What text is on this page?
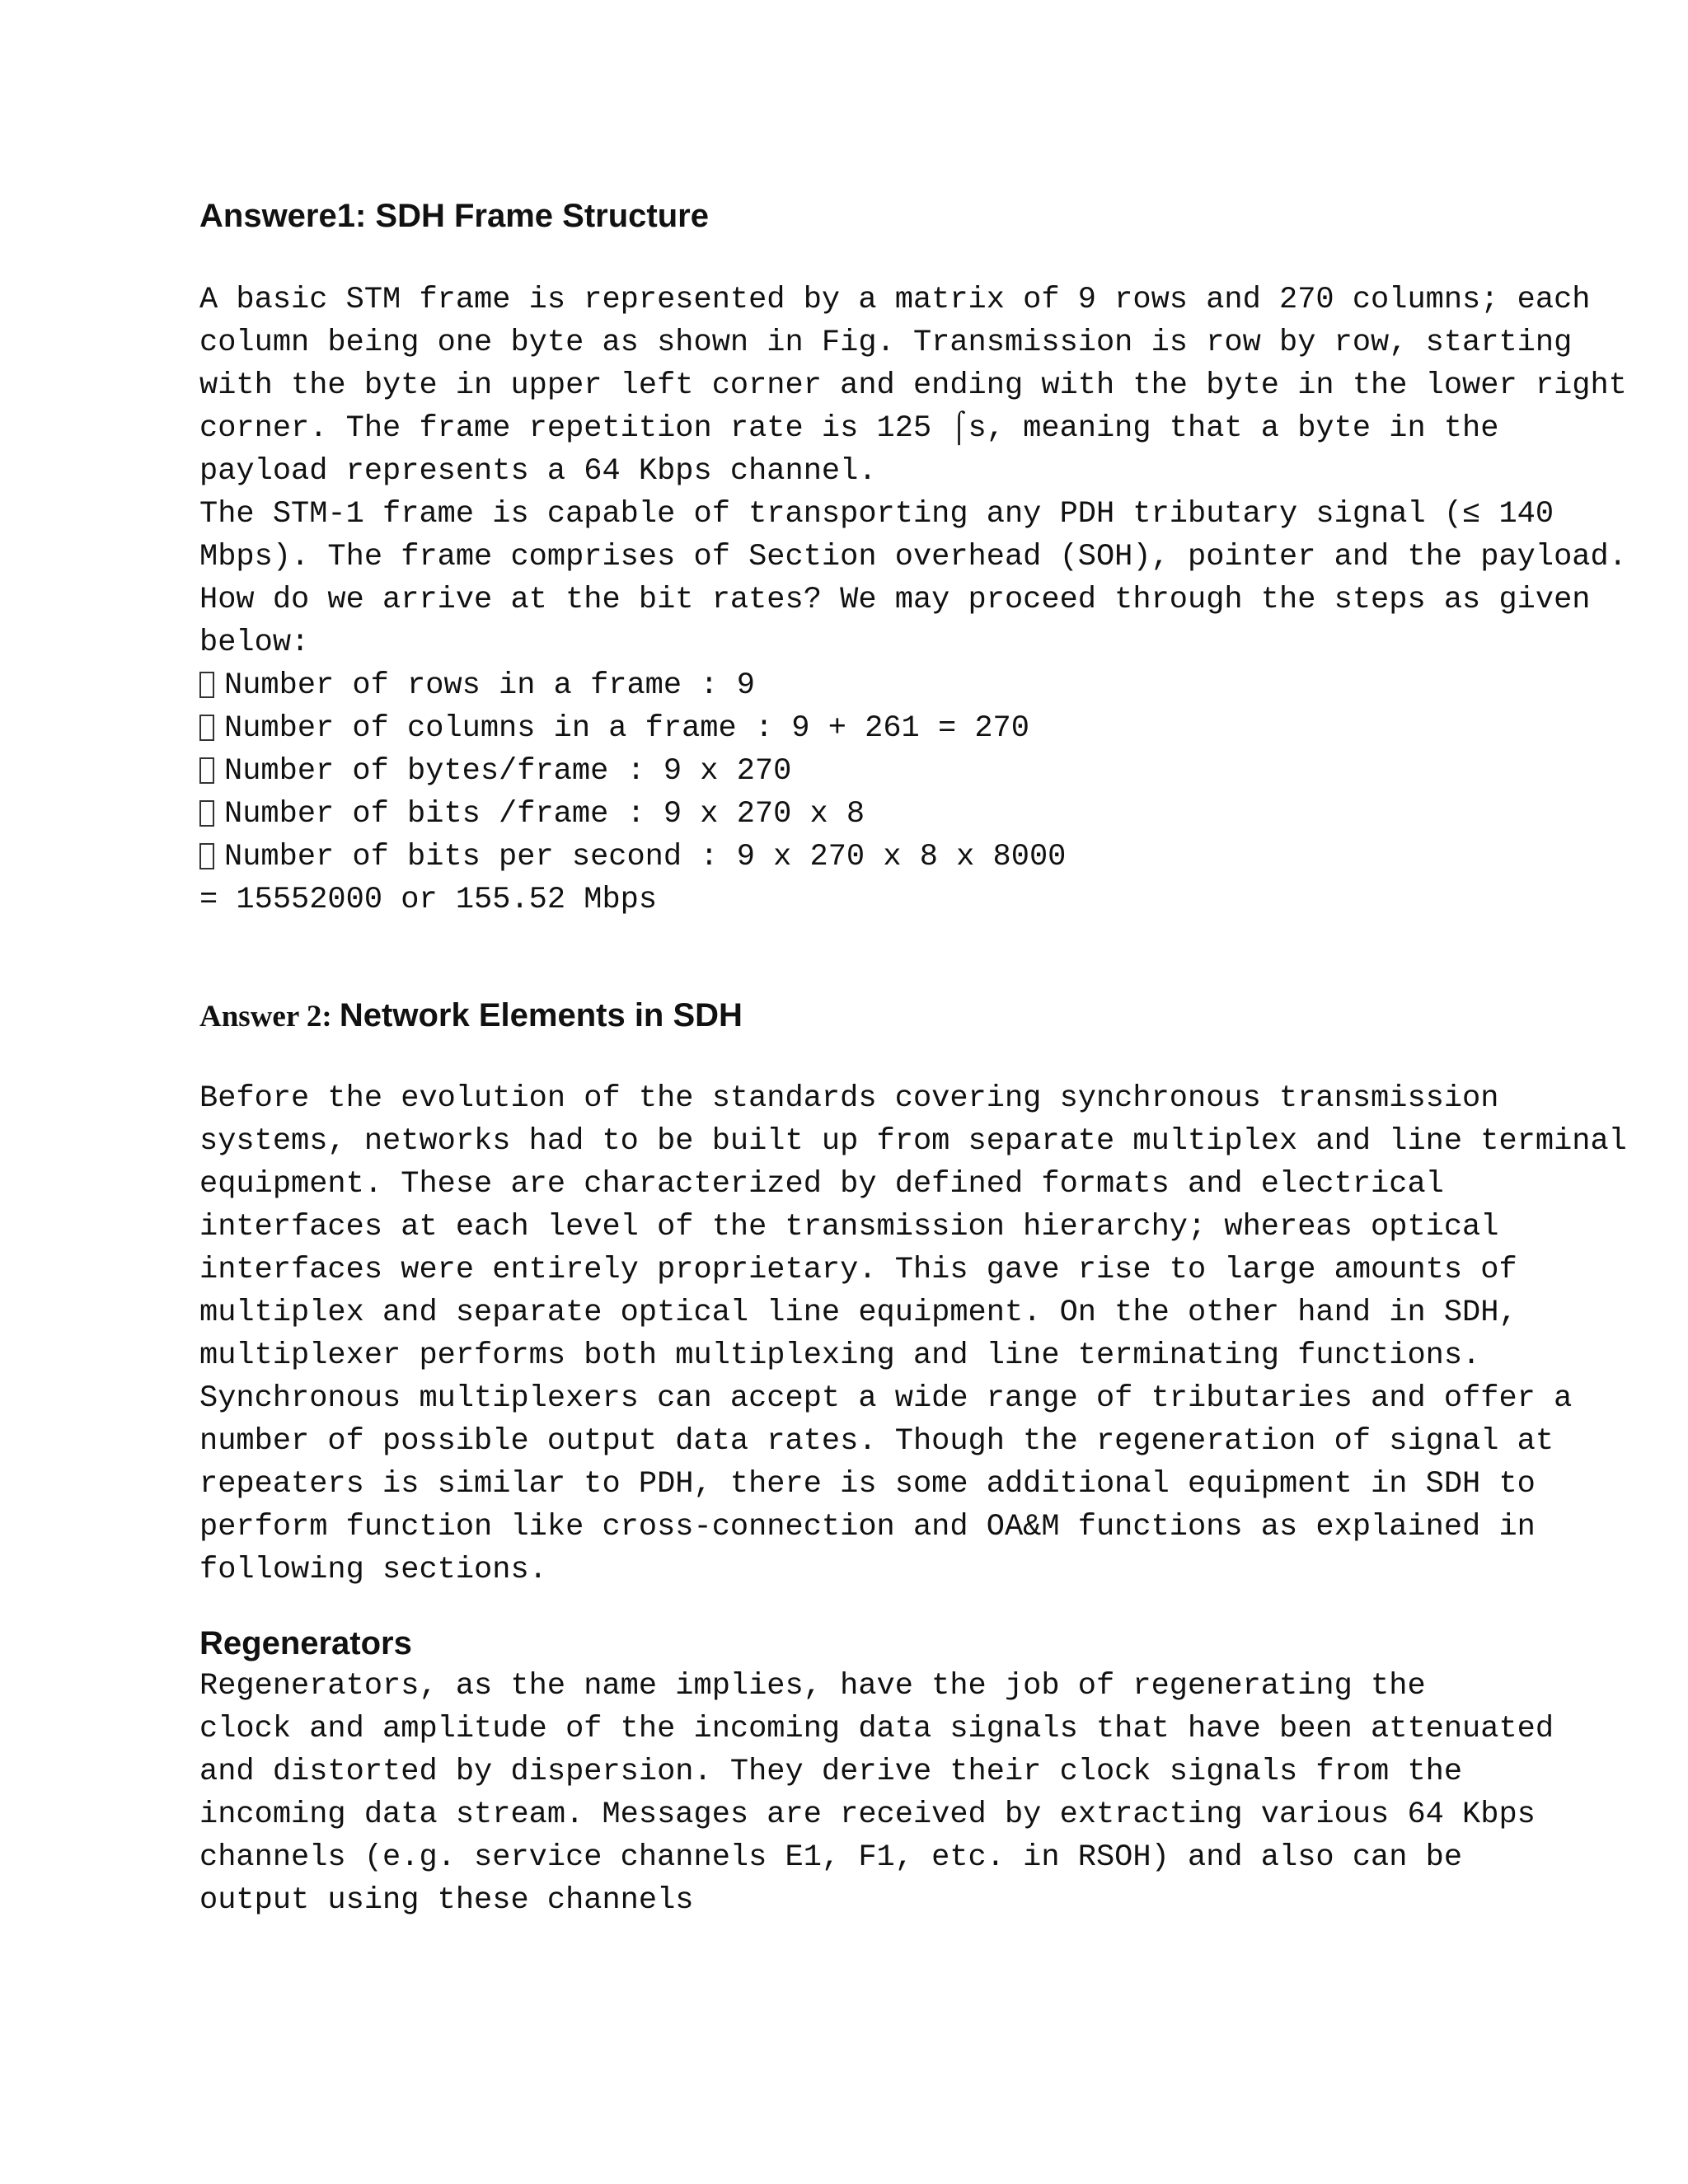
Answere1: SDH Frame Structure
A basic STM frame is represented by a matrix of 9 rows and 270 columns; each
column being one byte as shown in Fig. Transmission is row by row, starting
with the byte in upper left corner and ending with the byte in the lower right
corner. The frame repetition rate is 125 ⌠s, meaning that a byte in the
payload represents a 64 Kbps channel.
The STM-1 frame is capable of transporting any PDH tributary signal (≤ 140
Mbps). The frame comprises of Section overhead (SOH), pointer and the payload.
How do we arrive at the bit rates? We may proceed through the steps as given
below:
Number of rows in a frame : 9
Number of columns in a frame : 9 + 261 = 270
Number of bytes/frame : 9 x 270
Number of bits /frame : 9 x 270 x 8
Number of bits per second : 9 x 270 x 8 x 8000
= 15552000 or 155.52 Mbps
Answer 2: Network Elements in SDH
Before the evolution of the standards covering synchronous transmission
systems, networks had to be built up from separate multiplex and line terminal
equipment. These are characterized by defined formats and electrical
interfaces at each level of the transmission hierarchy; whereas optical
interfaces were entirely proprietary. This gave rise to large amounts of
multiplex and separate optical line equipment. On the other hand in SDH,
multiplexer performs both multiplexing and line terminating functions.
Synchronous multiplexers can accept a wide range of tributaries and offer a
number of possible output data rates. Though the regeneration of signal at
repeaters is similar to PDH, there is some additional equipment in SDH to
perform function like cross-connection and OA&M functions as explained in
following sections.
Regenerators
Regenerators, as the name implies, have the job of regenerating the
clock and amplitude of the incoming data signals that have been attenuated
and distorted by dispersion. They derive their clock signals from the
incoming data stream. Messages are received by extracting various 64 Kbps
channels (e.g. service channels E1, F1, etc. in RSOH) and also can be
output using these channels
